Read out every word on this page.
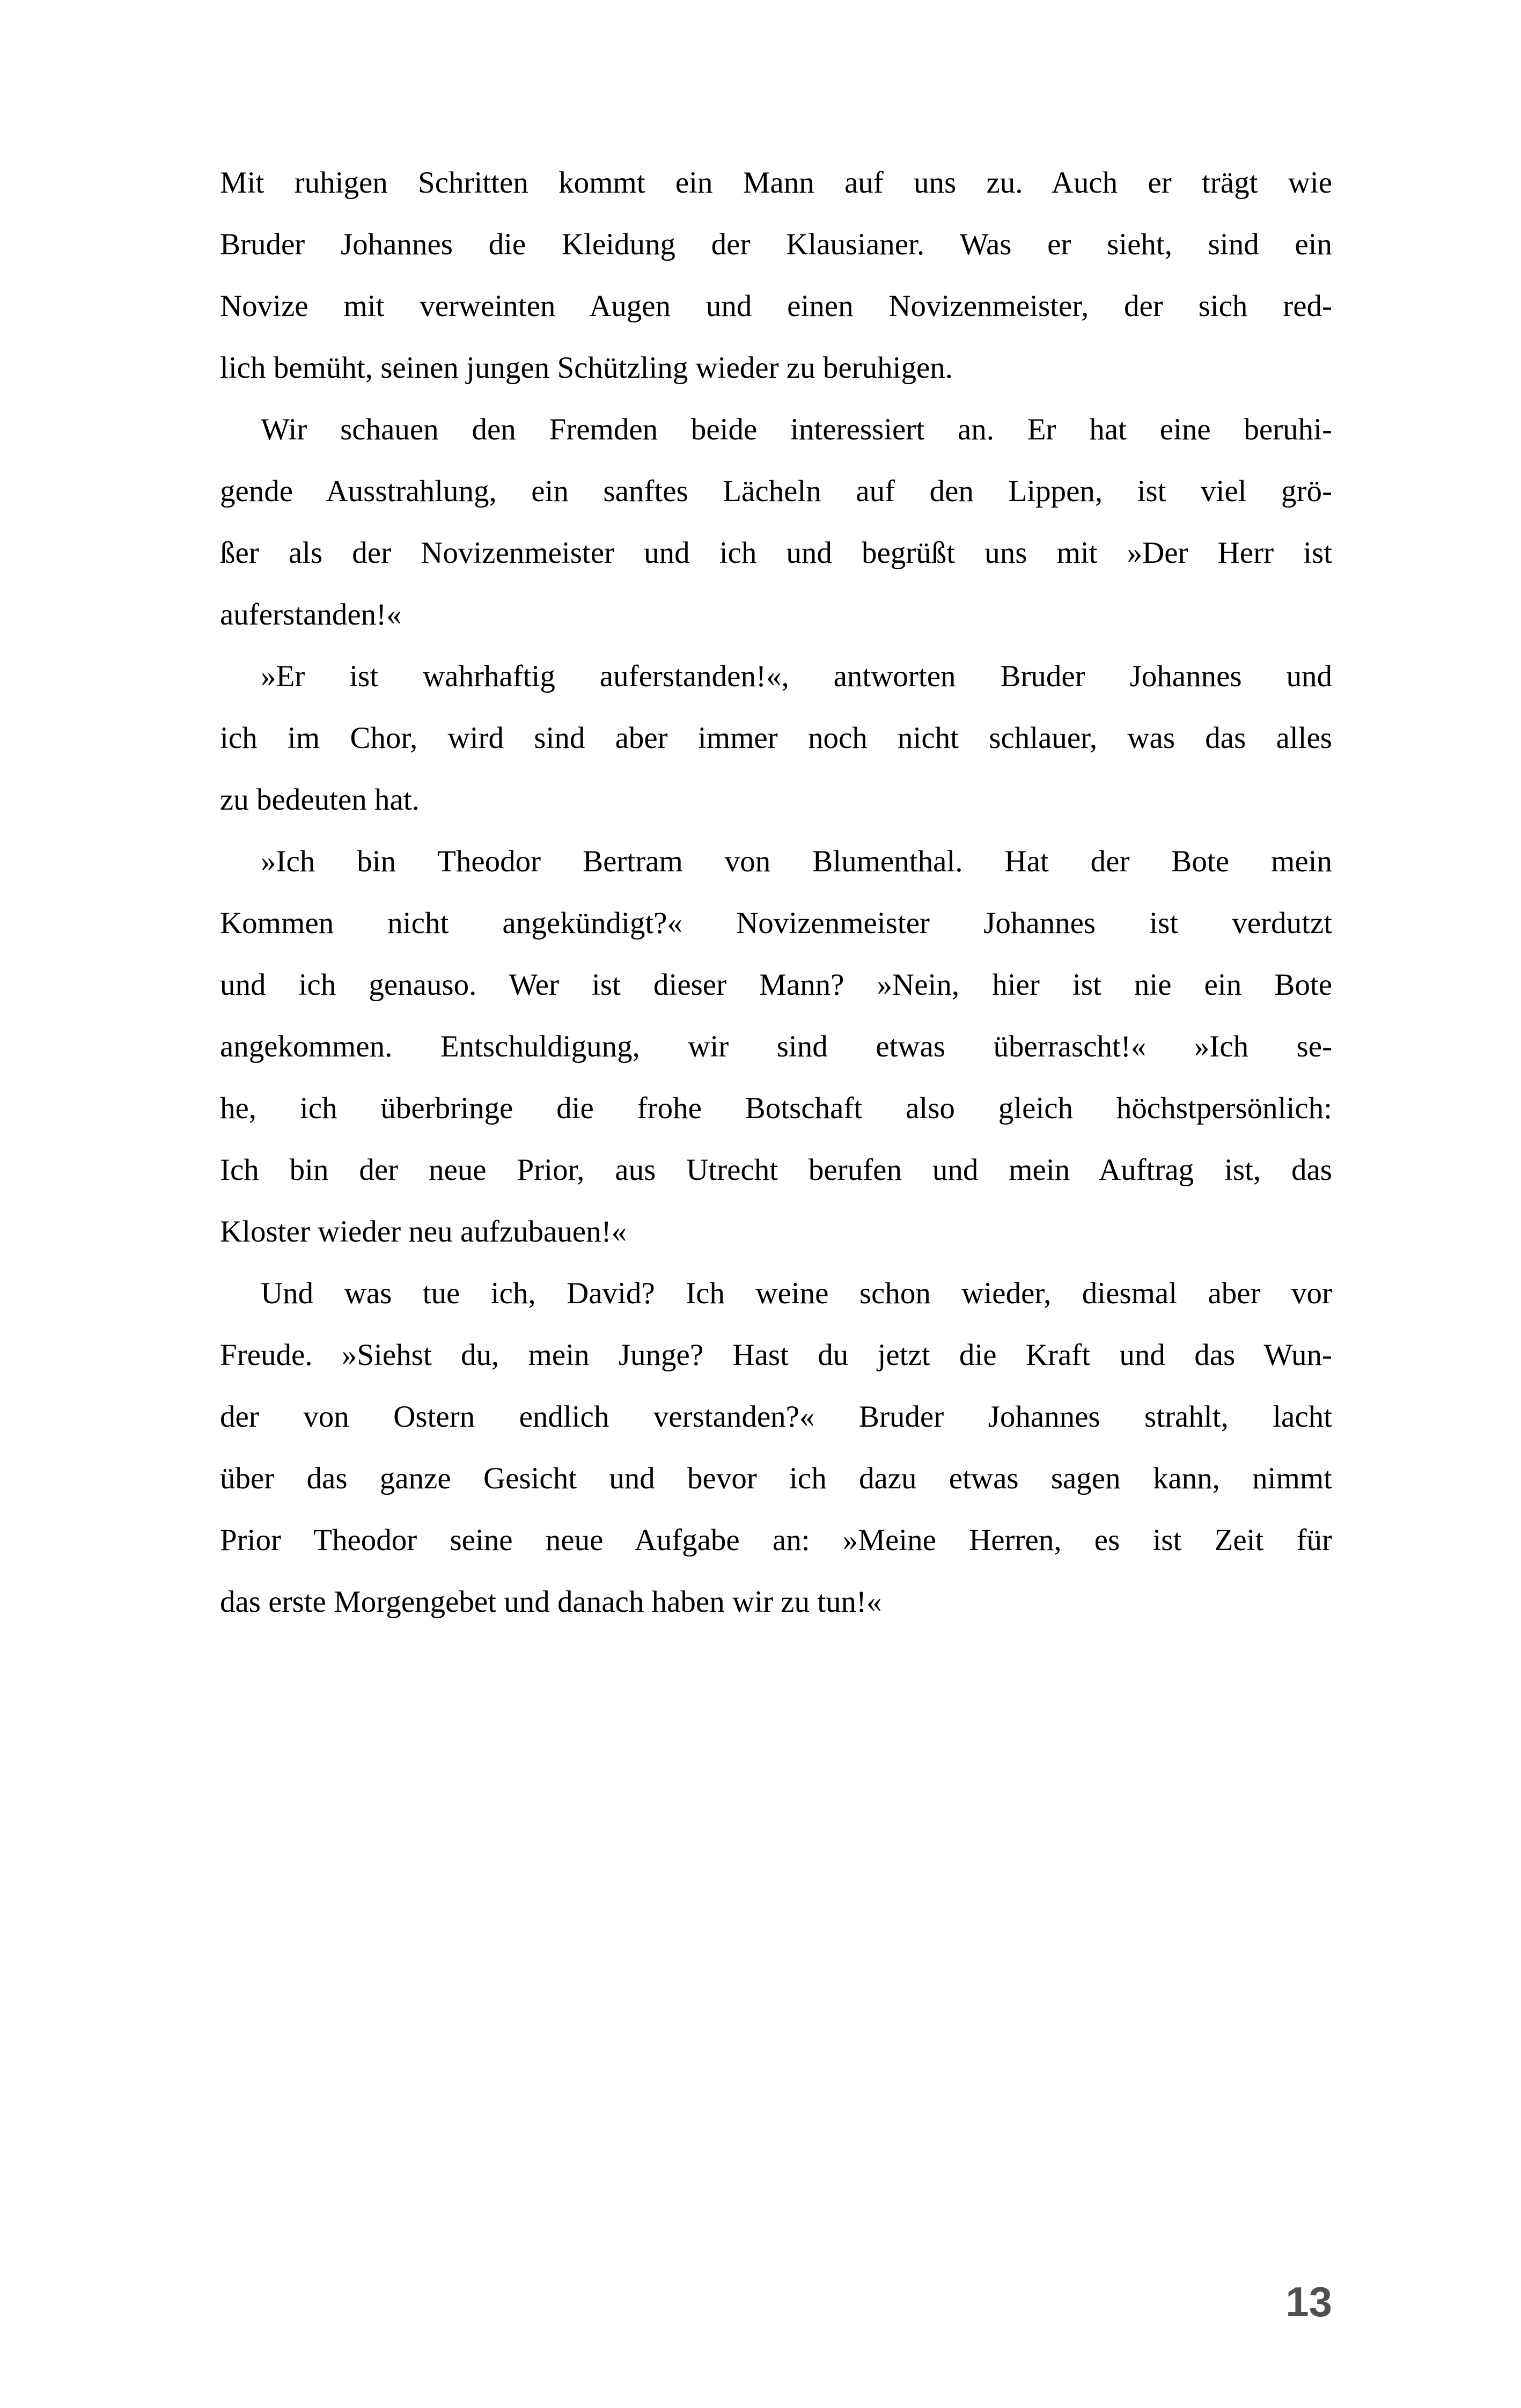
Mit ruhigen Schritten kommt ein Mann auf uns zu. Auch er trägt wie
Bruder Johannes die Kleidung der Klausianer. Was er sieht, sind ein
Novize mit verweinten Augen und einen Novizenmeister, der sich red-
lich bemüht, seinen jungen Schützling wieder zu beruhigen.
Wir schauen den Fremden beide interessiert an. Er hat eine beruhi-
gende Ausstrahlung, ein sanftes Lächeln auf den Lippen, ist viel grö-
ßer als der Novizenmeister und ich und begrüßt uns mit »Der Herr ist
auferstanden!«
»Er ist wahrhaftig auferstanden!«, antworten Bruder Johannes und
ich im Chor, wird sind aber immer noch nicht schlauer, was das alles
zu bedeuten hat.
»Ich bin Theodor Bertram von Blumenthal. Hat der Bote mein
Kommen nicht angekündigt?« Novizenmeister Johannes ist verdutzt
und ich genauso. Wer ist dieser Mann? »Nein, hier ist nie ein Bote
angekommen. Entschuldigung, wir sind etwas überrascht!« »Ich se-
he, ich überbringe die frohe Botschaft also gleich höchstpersönlich:
Ich bin der neue Prior, aus Utrecht berufen und mein Auftrag ist, das
Kloster wieder neu aufzubauen!«
Und was tue ich, David? Ich weine schon wieder, diesmal aber vor
Freude. »Siehst du, mein Junge? Hast du jetzt die Kraft und das Wun-
der von Ostern endlich verstanden?« Bruder Johannes strahlt, lacht
über das ganze Gesicht und bevor ich dazu etwas sagen kann, nimmt
Prior Theodor seine neue Aufgabe an: »Meine Herren, es ist Zeit für
das erste Morgengebet und danach haben wir zu tun!«
13
